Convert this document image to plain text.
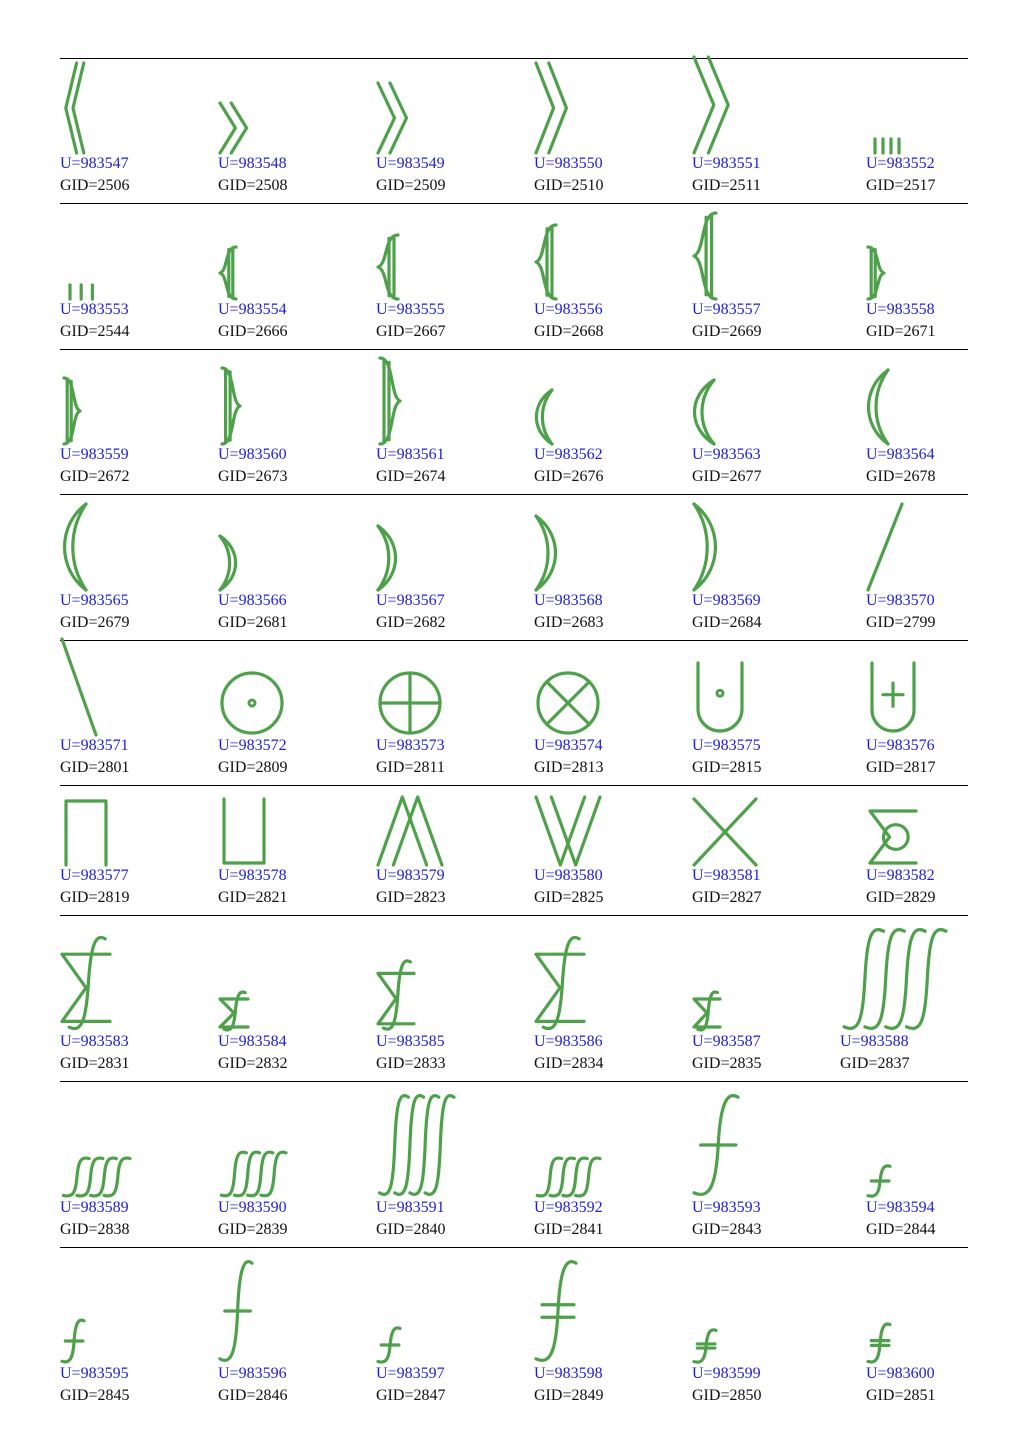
U=983547
GID=2506
U=983548
GID=2508
U=983549
GID=2509
U=983550
GID=2510
U=983551
GID=2511
U=983552
GID=2517
U=983553
GID=2544
U=983554
GID=2666
U=983555
GID=2667
U=983556
GID=2668
U=983557
GID=2669
U=983558
GID=2671
U=983559
GID=2672
U=983560
GID=2673
U=983561
GID=2674
U=983562
GID=2676
U=983563
GID=2677
U=983564
GID=2678
U=983565
GID=2679
U=983566
GID=2681
U=983567
GID=2682
U=983568
GID=2683
U=983569
GID=2684
U=983570
GID=2799
U=983571
GID=2801
U=983572
GID=2809
U=983573
GID=2811
U=983574
GID=2813
U=983575
GID=2815
U=983576
GID=2817
U=983577
GID=2819
U=983578
GID=2821
U=983579
GID=2823
U=983580
GID=2825
U=983581
GID=2827
U=983582
GID=2829
U=983583
GID=2831
U=983584
GID=2832
U=983585
GID=2833
U=983586
GID=2834
U=983587
GID=2835
U=983588
GID=2837
U=983589
GID=2838
U=983590
GID=2839
U=983591
GID=2840
U=983592
GID=2841
U=983593
GID=2843
U=983594
GID=2844
U=983595
GID=2845
U=983596
GID=2846
U=983597
GID=2847
U=983598
GID=2849
U=983599
GID=2850
U=983600
GID=2851
